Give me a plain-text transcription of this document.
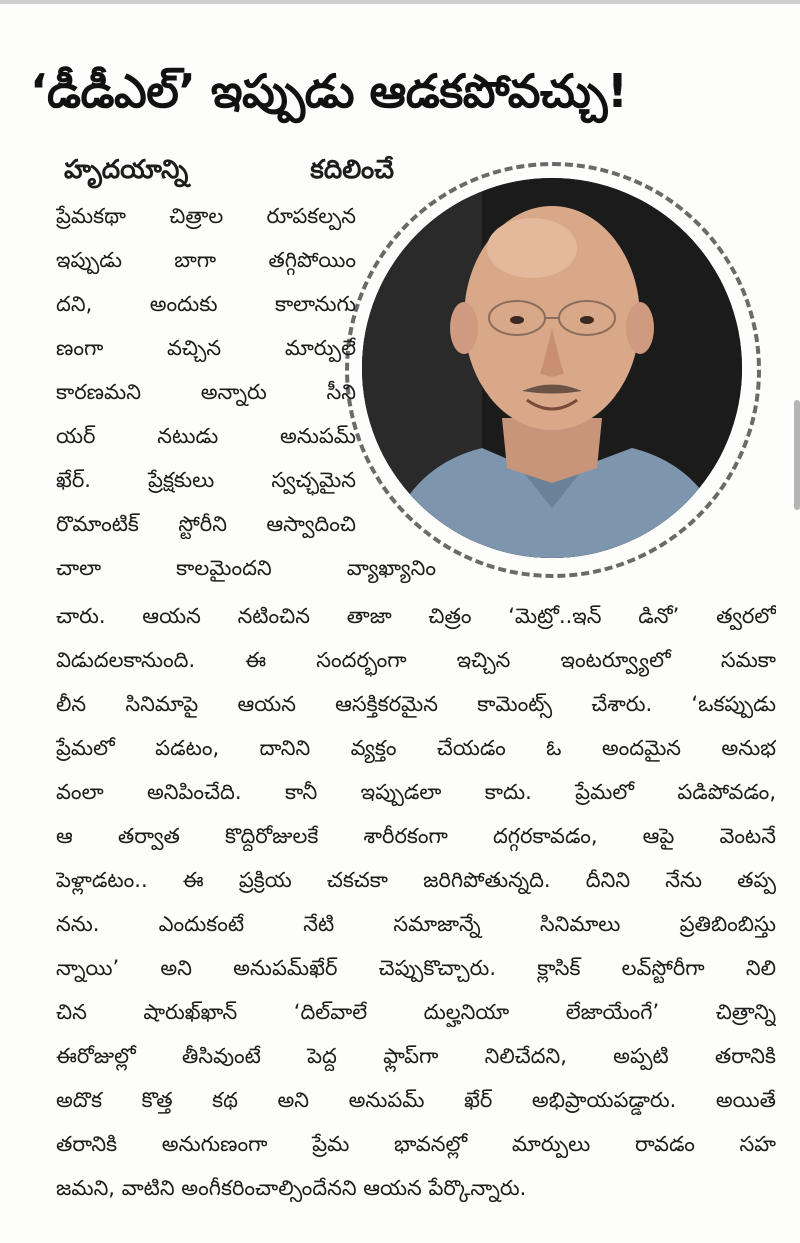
‘డీడీఎల్’ ఇప్పుడు ఆడకపోవచ్చు!
హృదయాన్ని కదిలించే
ప్రేమకథా చిత్రాల రూపకల్పన
ఇప్పుడు బాగా తగ్గిపోయిం
దని, అందుకు కాలానుగు
ణంగా వచ్చిన మార్పులే
కారణమని అన్నారు సీని
యర్ నటుడు అనుపమ్
ఖేర్. ప్రేక్షకులు స్వచ్ఛమైన
రొమాంటిక్ స్టోరీని ఆస్వాదించి
చాలా కాలమైందని వ్యాఖ్యానిం
చారు. ఆయన నటించిన తాజా చిత్రం ‘మెట్రో..ఇన్ డినో’ త్వరలో
విడుదలకానుంది. ఈ సందర్భంగా ఇచ్చిన ఇంటర్వ్యూలో సమకా
లీన సినిమాపై ఆయన ఆసక్తికరమైన కామెంట్స్ చేశారు. ‘ఒకప్పుడు
ప్రేమలో పడటం, దానిని వ్యక్తం చేయడం ఓ అందమైన అనుభ
వంలా అనిపించేది. కానీ ఇప్పుడలా కాదు. ప్రేమలో పడిపోవడం,
ఆ తర్వాత కొద్దిరోజులకే శారీరకంగా దగ్గరకావడం, ఆపై వెంటనే
పెళ్లాడటం.. ఈ ప్రక్రియ చకచకా జరిగిపోతున్నది. దీనిని నేను తప్ప
నను. ఎందుకంటే నేటి సమాజాన్నే సినిమాలు ప్రతిబింబిస్తు
న్నాయి’ అని అనుపమ్‌ఖేర్ చెప్పుకొచ్చారు. క్లాసిక్ లవ్‌స్టోరీగా నిలి
చిన షారుఖ్‌ఖాన్ ‘దిల్‌వాలే దుల్హనియా లేజాయేంగే’ చిత్రాన్ని
ఈరోజుల్లో తీసివుంటే పెద్ద ఫ్లాప్‌గా నిలిచేదని, అప్పటి తరానికి
అదొక కొత్త కథ అని అనుపమ్ ఖేర్ అభిప్రాయపడ్డారు. అయితే
తరానికి అనుగుణంగా ప్రేమ భావనల్లో మార్పులు రావడం సహ
జమని, వాటిని అంగీకరించాల్సిందేనని ఆయన పేర్కొన్నారు.
